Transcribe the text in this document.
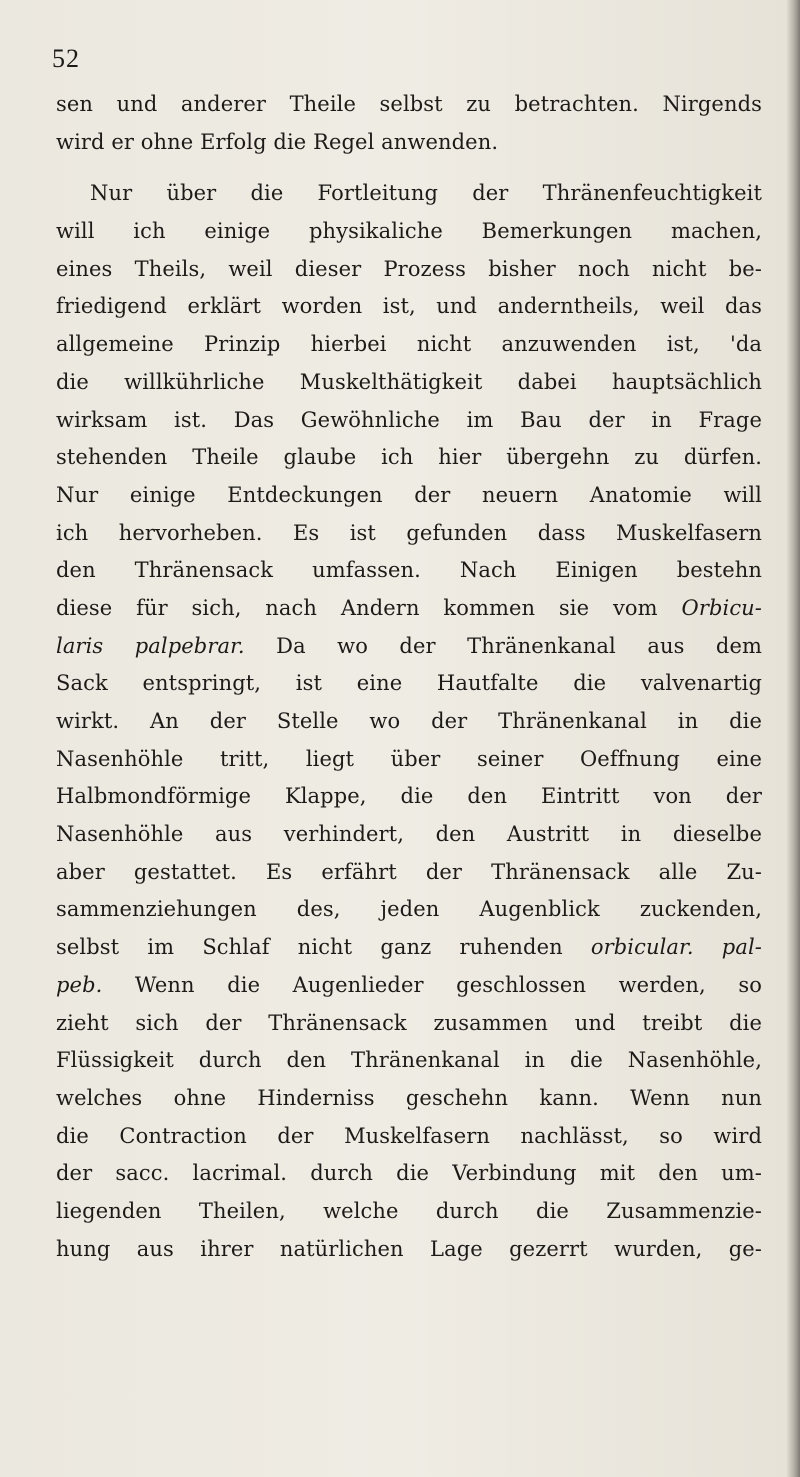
52
sen und anderer Theile selbst zu betrachten. Nirgends
wird er ohne Erfolg die Regel anwenden.
Nur über die Fortleitung der Thränenfeuchtigkeit
will ich einige physikaliche Bemerkungen machen,
eines Theils, weil dieser Prozess bisher noch nicht be-
friedigend erklärt worden ist, und anderntheils, weil das
allgemeine Prinzip hierbei nicht anzuwenden ist, 'da
die willkührliche Muskelthätigkeit dabei hauptsächlich
wirksam ist. Das Gewöhnliche im Bau der in Frage
stehenden Theile glaube ich hier übergehn zu dürfen.
Nur einige Entdeckungen der neuern Anatomie will
ich hervorheben. Es ist gefunden dass Muskelfasern
den Thränensack umfassen. Nach Einigen bestehn
diese für sich, nach Andern kommen sie vom Orbicu-
laris palpebrar. Da wo der Thränenkanal aus dem
Sack entspringt, ist eine Hautfalte die valvenartig
wirkt. An der Stelle wo der Thränenkanal in die
Nasenhöhle tritt, liegt über seiner Oeffnung eine
Halbmondförmige Klappe, die den Eintritt von der
Nasenhöhle aus verhindert, den Austritt in dieselbe
aber gestattet. Es erfährt der Thränensack alle Zu-
sammenziehungen des, jeden Augenblick zuckenden,
selbst im Schlaf nicht ganz ruhenden orbicular. pal-
peb. Wenn die Augenlieder geschlossen werden, so
zieht sich der Thränensack zusammen und treibt die
Flüssigkeit durch den Thränenkanal in die Nasenhöhle,
welches ohne Hinderniss geschehn kann. Wenn nun
die Contraction der Muskelfasern nachlässt, so wird
der sacc. lacrimal. durch die Verbindung mit den um-
liegenden Theilen, welche durch die Zusammenzie-
hung aus ihrer natürlichen Lage gezerrt wurden, ge-
